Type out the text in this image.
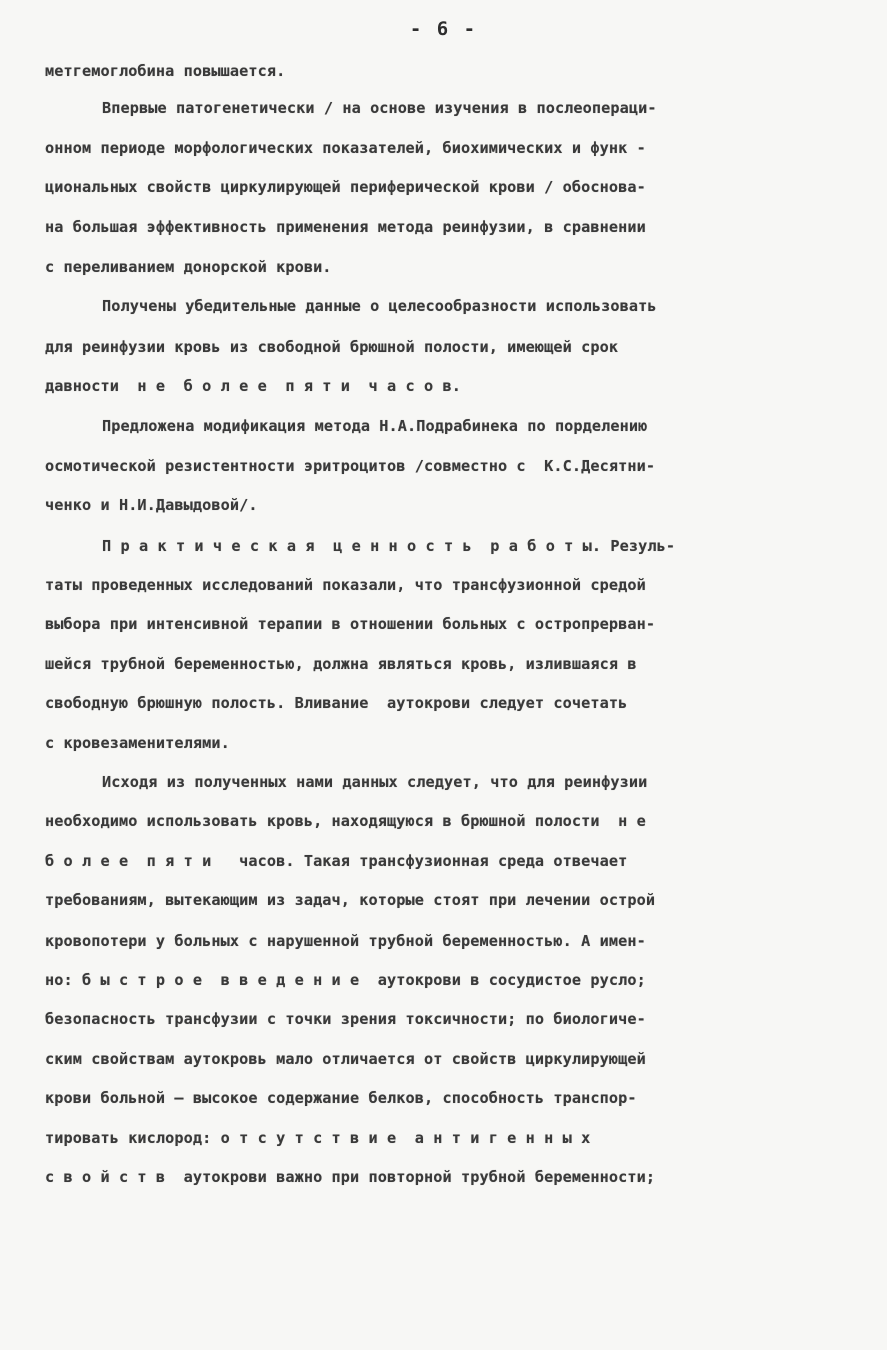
- 6 -
метгемоглобина повышается.
Впервые патогенетически / на основе изучения в послеопераци-
онном периоде морфологических показателей, биохимических и функ -
циональных свойств циркулирующей периферической крови / обоснова-
на большая эффективность применения метода реинфузии, в сравнении
с переливанием донорской крови.
Получены убедительные данные о целесообразности использовать
для реинфузии кровь из свободной брюшной полости, имеющей срок
давности  н е  б о л е е  п я т и  ч а с о в.
Предложена модификация метода Н.А.Подрабинека по порделению
осмотической резистентности эритроцитов /совместно с  К.С.Десятни-
ченко и Н.И.Давыдовой/.
П р а к т и ч е с к а я  ц е н н о с т ь  р а б о т ы. Резуль-
таты проведенных исследований показали, что трансфузионной средой
выбора при интенсивной терапии в отношении больных с остропрерван-
шейся трубной беременностью, должна являться кровь, излившаяся в
свободную брюшную полость. Вливание  аутокрови следует сочетать
с кровезаменителями.
Исходя из полученных нами данных следует, что для реинфузии
необходимо использовать кровь, находящуюся в брюшной полости  н е
б о л е е  п я т и   часов. Такая трансфузионная среда отвечает
требованиям, вытекающим из задач, которые стоят при лечении острой
кровопотери у больных с нарушенной трубной беременностью. А имен-
но: б ы с т р о е  в в е д е н и е  аутокрови в сосудистое русло;
безопасность трансфузии с точки зрения токсичности; по биологиче-
ским свойствам аутокровь мало отличается от свойств циркулирующей
крови больной – высокое содержание белков, способность транспор-
тировать кислород: о т с у т с т в и е  а н т и г е н н ы х
с в о й с т в  аутокрови важно при повторной трубной беременности;
